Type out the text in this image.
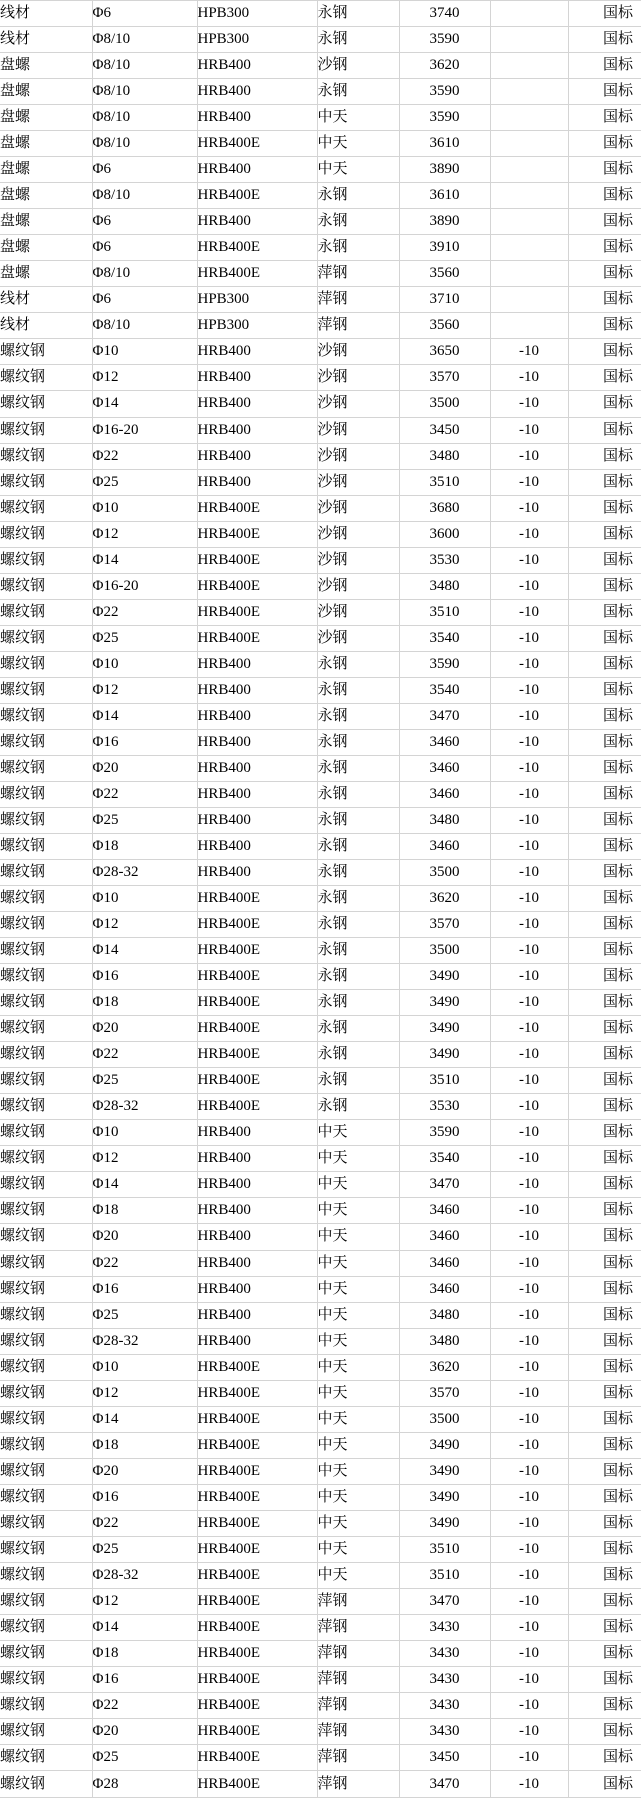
线材	Φ6	HPB300	永钢	3740		国标
线材	Φ8/10	HPB300	永钢	3590		国标
盘螺	Φ8/10	HRB400	沙钢	3620		国标
盘螺	Φ8/10	HRB400	永钢	3590		国标
盘螺	Φ8/10	HRB400	中天	3590		国标
盘螺	Φ8/10	HRB400E	中天	3610		国标
盘螺	Φ6	HRB400	中天	3890		国标
盘螺	Φ8/10	HRB400E	永钢	3610		国标
盘螺	Φ6	HRB400	永钢	3890		国标
盘螺	Φ6	HRB400E	永钢	3910		国标
盘螺	Φ8/10	HRB400E	萍钢	3560		国标
线材	Φ6	HPB300	萍钢	3710		国标
线材	Φ8/10	HPB300	萍钢	3560		国标
螺纹钢	Φ10	HRB400	沙钢	3650	-10	国标
螺纹钢	Φ12	HRB400	沙钢	3570	-10	国标
螺纹钢	Φ14	HRB400	沙钢	3500	-10	国标
螺纹钢	Φ16-20	HRB400	沙钢	3450	-10	国标
螺纹钢	Φ22	HRB400	沙钢	3480	-10	国标
螺纹钢	Φ25	HRB400	沙钢	3510	-10	国标
螺纹钢	Φ10	HRB400E	沙钢	3680	-10	国标
螺纹钢	Φ12	HRB400E	沙钢	3600	-10	国标
螺纹钢	Φ14	HRB400E	沙钢	3530	-10	国标
螺纹钢	Φ16-20	HRB400E	沙钢	3480	-10	国标
螺纹钢	Φ22	HRB400E	沙钢	3510	-10	国标
螺纹钢	Φ25	HRB400E	沙钢	3540	-10	国标
螺纹钢	Φ10	HRB400	永钢	3590	-10	国标
螺纹钢	Φ12	HRB400	永钢	3540	-10	国标
螺纹钢	Φ14	HRB400	永钢	3470	-10	国标
螺纹钢	Φ16	HRB400	永钢	3460	-10	国标
螺纹钢	Φ20	HRB400	永钢	3460	-10	国标
螺纹钢	Φ22	HRB400	永钢	3460	-10	国标
螺纹钢	Φ25	HRB400	永钢	3480	-10	国标
螺纹钢	Φ18	HRB400	永钢	3460	-10	国标
螺纹钢	Φ28-32	HRB400	永钢	3500	-10	国标
螺纹钢	Φ10	HRB400E	永钢	3620	-10	国标
螺纹钢	Φ12	HRB400E	永钢	3570	-10	国标
螺纹钢	Φ14	HRB400E	永钢	3500	-10	国标
螺纹钢	Φ16	HRB400E	永钢	3490	-10	国标
螺纹钢	Φ18	HRB400E	永钢	3490	-10	国标
螺纹钢	Φ20	HRB400E	永钢	3490	-10	国标
螺纹钢	Φ22	HRB400E	永钢	3490	-10	国标
螺纹钢	Φ25	HRB400E	永钢	3510	-10	国标
螺纹钢	Φ28-32	HRB400E	永钢	3530	-10	国标
螺纹钢	Φ10	HRB400	中天	3590	-10	国标
螺纹钢	Φ12	HRB400	中天	3540	-10	国标
螺纹钢	Φ14	HRB400	中天	3470	-10	国标
螺纹钢	Φ18	HRB400	中天	3460	-10	国标
螺纹钢	Φ20	HRB400	中天	3460	-10	国标
螺纹钢	Φ22	HRB400	中天	3460	-10	国标
螺纹钢	Φ16	HRB400	中天	3460	-10	国标
螺纹钢	Φ25	HRB400	中天	3480	-10	国标
螺纹钢	Φ28-32	HRB400	中天	3480	-10	国标
螺纹钢	Φ10	HRB400E	中天	3620	-10	国标
螺纹钢	Φ12	HRB400E	中天	3570	-10	国标
螺纹钢	Φ14	HRB400E	中天	3500	-10	国标
螺纹钢	Φ18	HRB400E	中天	3490	-10	国标
螺纹钢	Φ20	HRB400E	中天	3490	-10	国标
螺纹钢	Φ16	HRB400E	中天	3490	-10	国标
螺纹钢	Φ22	HRB400E	中天	3490	-10	国标
螺纹钢	Φ25	HRB400E	中天	3510	-10	国标
螺纹钢	Φ28-32	HRB400E	中天	3510	-10	国标
螺纹钢	Φ12	HRB400E	萍钢	3470	-10	国标
螺纹钢	Φ14	HRB400E	萍钢	3430	-10	国标
螺纹钢	Φ18	HRB400E	萍钢	3430	-10	国标
螺纹钢	Φ16	HRB400E	萍钢	3430	-10	国标
螺纹钢	Φ22	HRB400E	萍钢	3430	-10	国标
螺纹钢	Φ20	HRB400E	萍钢	3430	-10	国标
螺纹钢	Φ25	HRB400E	萍钢	3450	-10	国标
螺纹钢	Φ28	HRB400E	萍钢	3470	-10	国标
